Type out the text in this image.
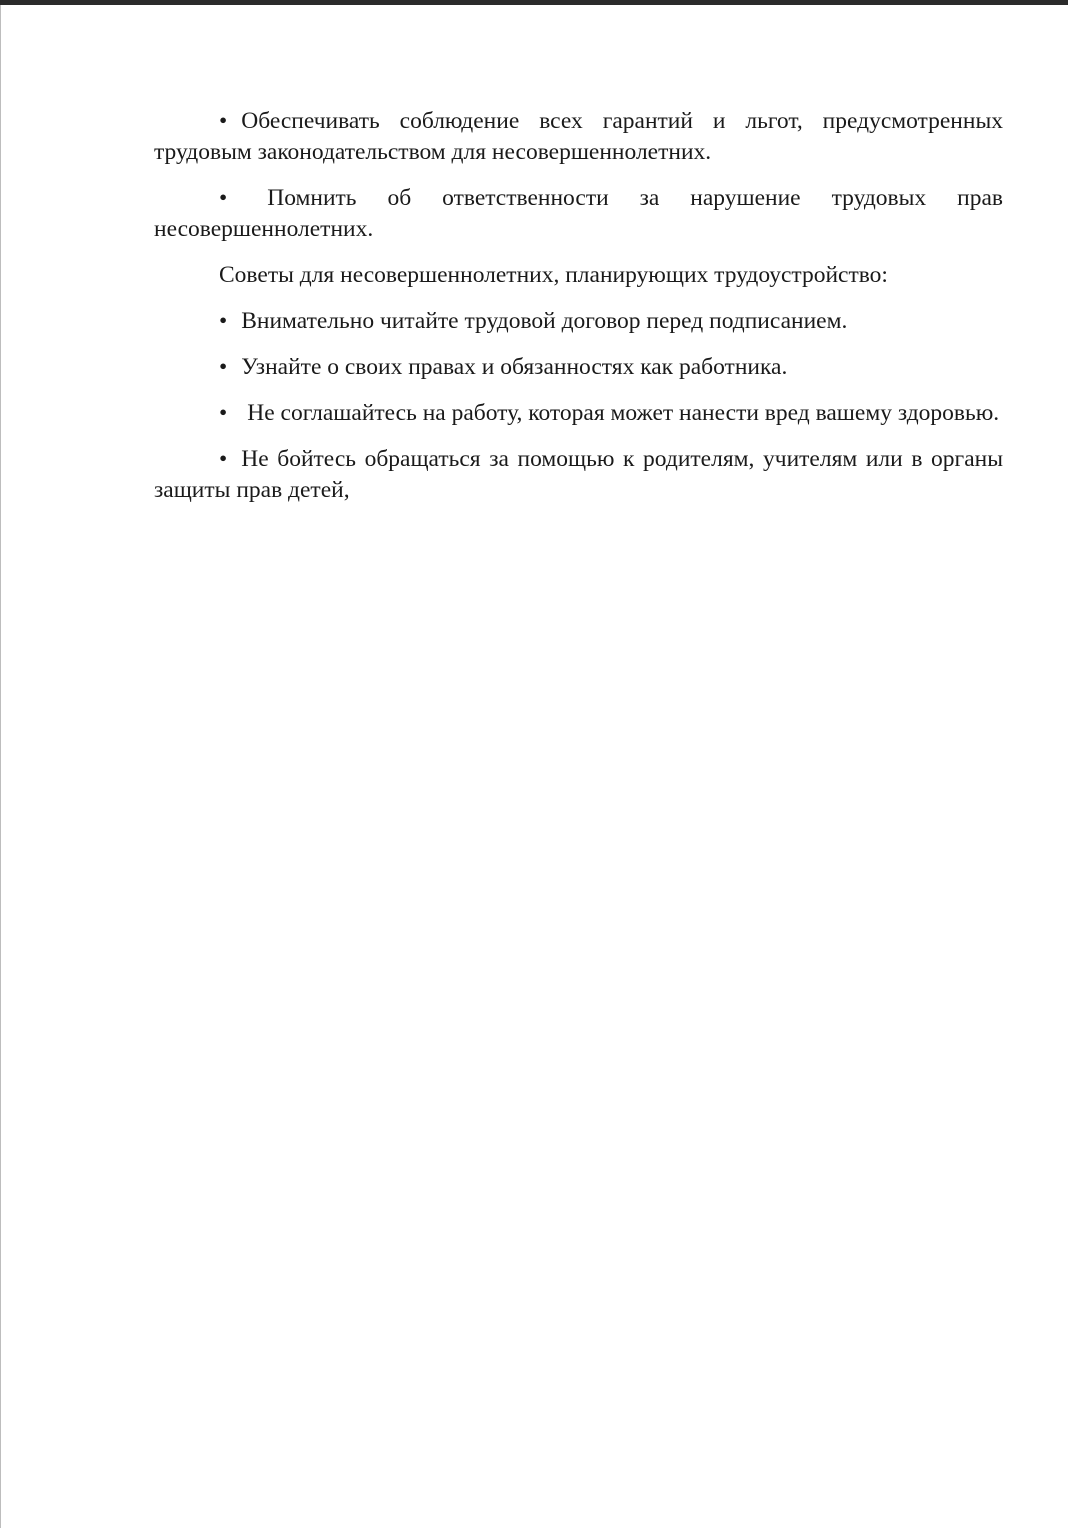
• Обеспечивать соблюдение всех гарантий и льгот, предусмотренных трудовым законодательством для несовершеннолетних.

• Помнить об ответственности за нарушение трудовых прав несовершеннолетних.

Советы для несовершеннолетних, планирующих трудоустройство:

• Внимательно читайте трудовой договор перед подписанием.

• Узнайте о своих правах и обязанностях как работника.

• Не соглашайтесь на работу, которая может нанести вред вашему здоровью.

• Не бойтесь обращаться за помощью к родителям, учителям или в органы защиты прав детей,
